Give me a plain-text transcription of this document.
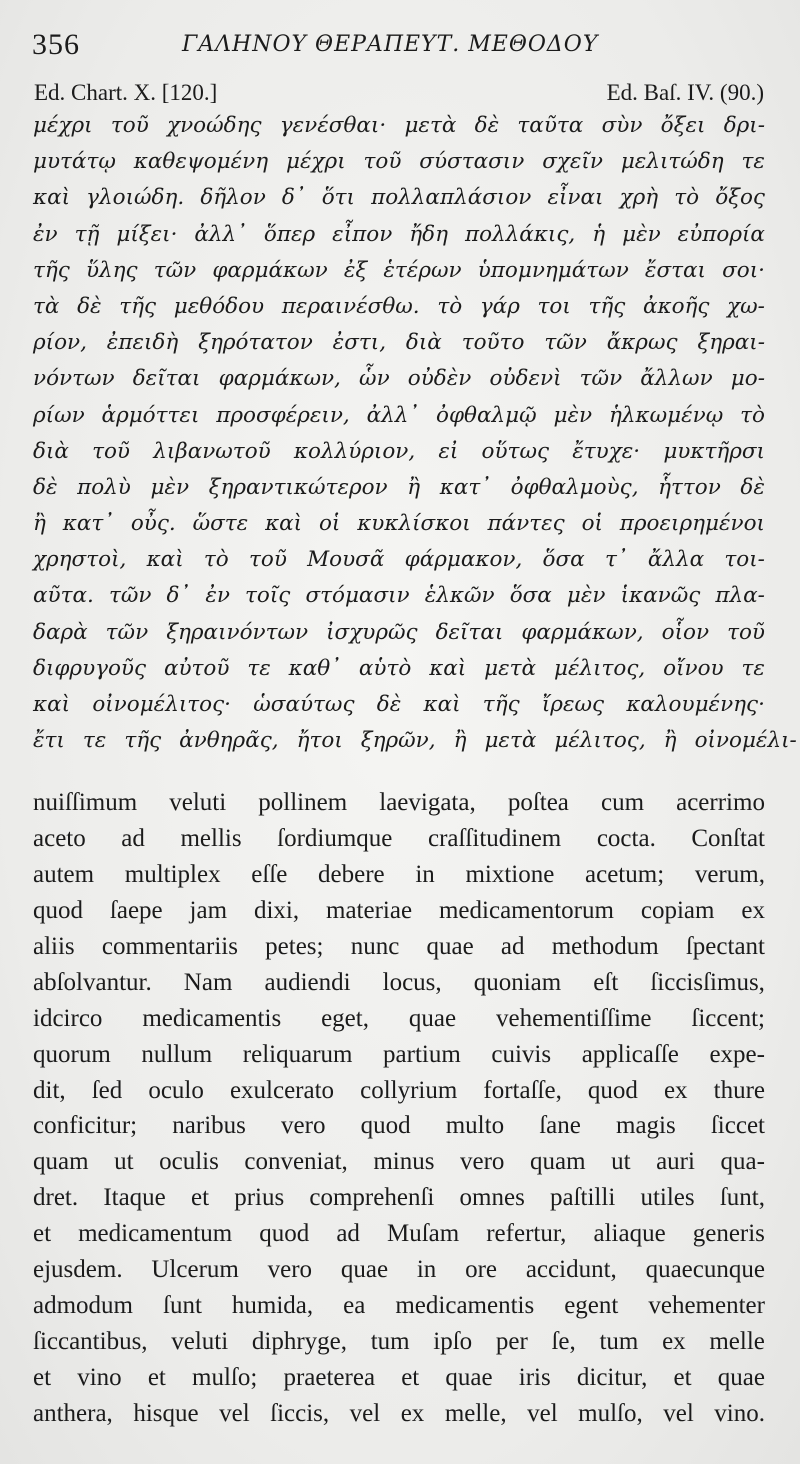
356	ΓΑΛΗΝΟΥ ΘΕΡΑΠΕΥΤ. ΜΕΘΟΔΟΥ
Ed. Chart. X. [120.]	Ed. Baſ. IV. (90.)
μέχρι τοῦ χνοώδης γενέσθαι· μετὰ δὲ ταῦτα σὺν ὄξει δρι-
μυτάτῳ καθεψομένη μέχρι τοῦ σύστασιν σχεῖν μελιτώδη τε
καὶ γλοιώδη. δῆλον δ᾽ ὅτι πολλαπλάσιον εἶναι χρὴ τὸ ὄξος
ἐν τῇ μίξει· ἀλλ᾽ ὅπερ εἶπον ἤδη πολλάκις, ἡ μὲν εὐπορία
τῆς ὕλης τῶν φαρμάκων ἐξ ἑτέρων ὑπομνημάτων ἔσται σοι·
τὰ δὲ τῆς μεθόδου περαινέσθω. τὸ γάρ τοι τῆς ἀκοῆς χω-
ρίον, ἐπειδὴ ξηρότατον ἐστι, διὰ τοῦτο τῶν ἄκρως ξηραι-
νόντων δεῖται φαρμάκων, ὧν οὐδὲν οὐδενὶ τῶν ἄλλων μο-
ρίων ἁρμόττει προσφέρειν, ἀλλ᾽ ὀφθαλμῷ μὲν ἡλκωμένῳ τὸ
διὰ τοῦ λιβανωτοῦ κολλύριον, εἰ οὕτως ἔτυχε· μυκτῆρσι
δὲ πολὺ μὲν ξηραντικώτερον ἢ κατ᾽ ὀφθαλμοὺς, ἧττον δὲ
ἢ κατ᾽ οὖς. ὥστε καὶ οἱ κυκλίσκοι πάντες οἱ προειρημένοι
χρηστοὶ, καὶ τὸ τοῦ Μουσᾶ φάρμακον, ὅσα τ᾽ ἄλλα τοι-
αῦτα. τῶν δ᾽ ἐν τοῖς στόμασιν ἑλκῶν ὅσα μὲν ἱκανῶς πλα-
δαρὰ τῶν ξηραινόντων ἰσχυρῶς δεῖται φαρμάκων, οἷον τοῦ
διφρυγοῦς αὐτοῦ τε καθ᾽ αὑτὸ καὶ μετὰ μέλιτος, οἴνου τε
καὶ οἰνομέλιτος· ὡσαύτως δὲ καὶ τῆς ἴρεως καλουμένης·
ἔτι τε τῆς ἀνθηρᾶς, ἤτοι ξηρῶν, ἢ μετὰ μέλιτος, ἢ οἰνομέλι-
nuiſſimum veluti pollinem laevigata, poſtea cum acerrimo
aceto ad mellis ſordiumque craſſitudinem cocta. Conſtat
autem multiplex eſſe debere in mixtione acetum; verum,
quod ſaepe jam dixi, materiae medicamentorum copiam ex
aliis commentariis petes; nunc quae ad methodum ſpectant
abſolvantur. Nam audiendi locus, quoniam eſt ſiccisſimus,
idcirco medicamentis eget, quae vehementiſſime ſiccent;
quorum nullum reliquarum partium cuivis applicaſſe expe-
dit, ſed oculo exulcerato collyrium fortaſſe, quod ex thure
conficitur; naribus vero quod multo ſane magis ſiccet
quam ut oculis conveniat, minus vero quam ut auri qua-
dret. Itaque et prius comprehenſi omnes paſtilli utiles ſunt,
et medicamentum quod ad Muſam refertur, aliaque generis
ejusdem. Ulcerum vero quae in ore accidunt, quaecunque
admodum ſunt humida, ea medicamentis egent vehementer
ſiccantibus, veluti diphryge, tum ipſo per ſe, tum ex melle
et vino et mulſo; praeterea et quae iris dicitur, et quae
anthera, hisque vel ſiccis, vel ex melle, vel mulſo, vel vino.
